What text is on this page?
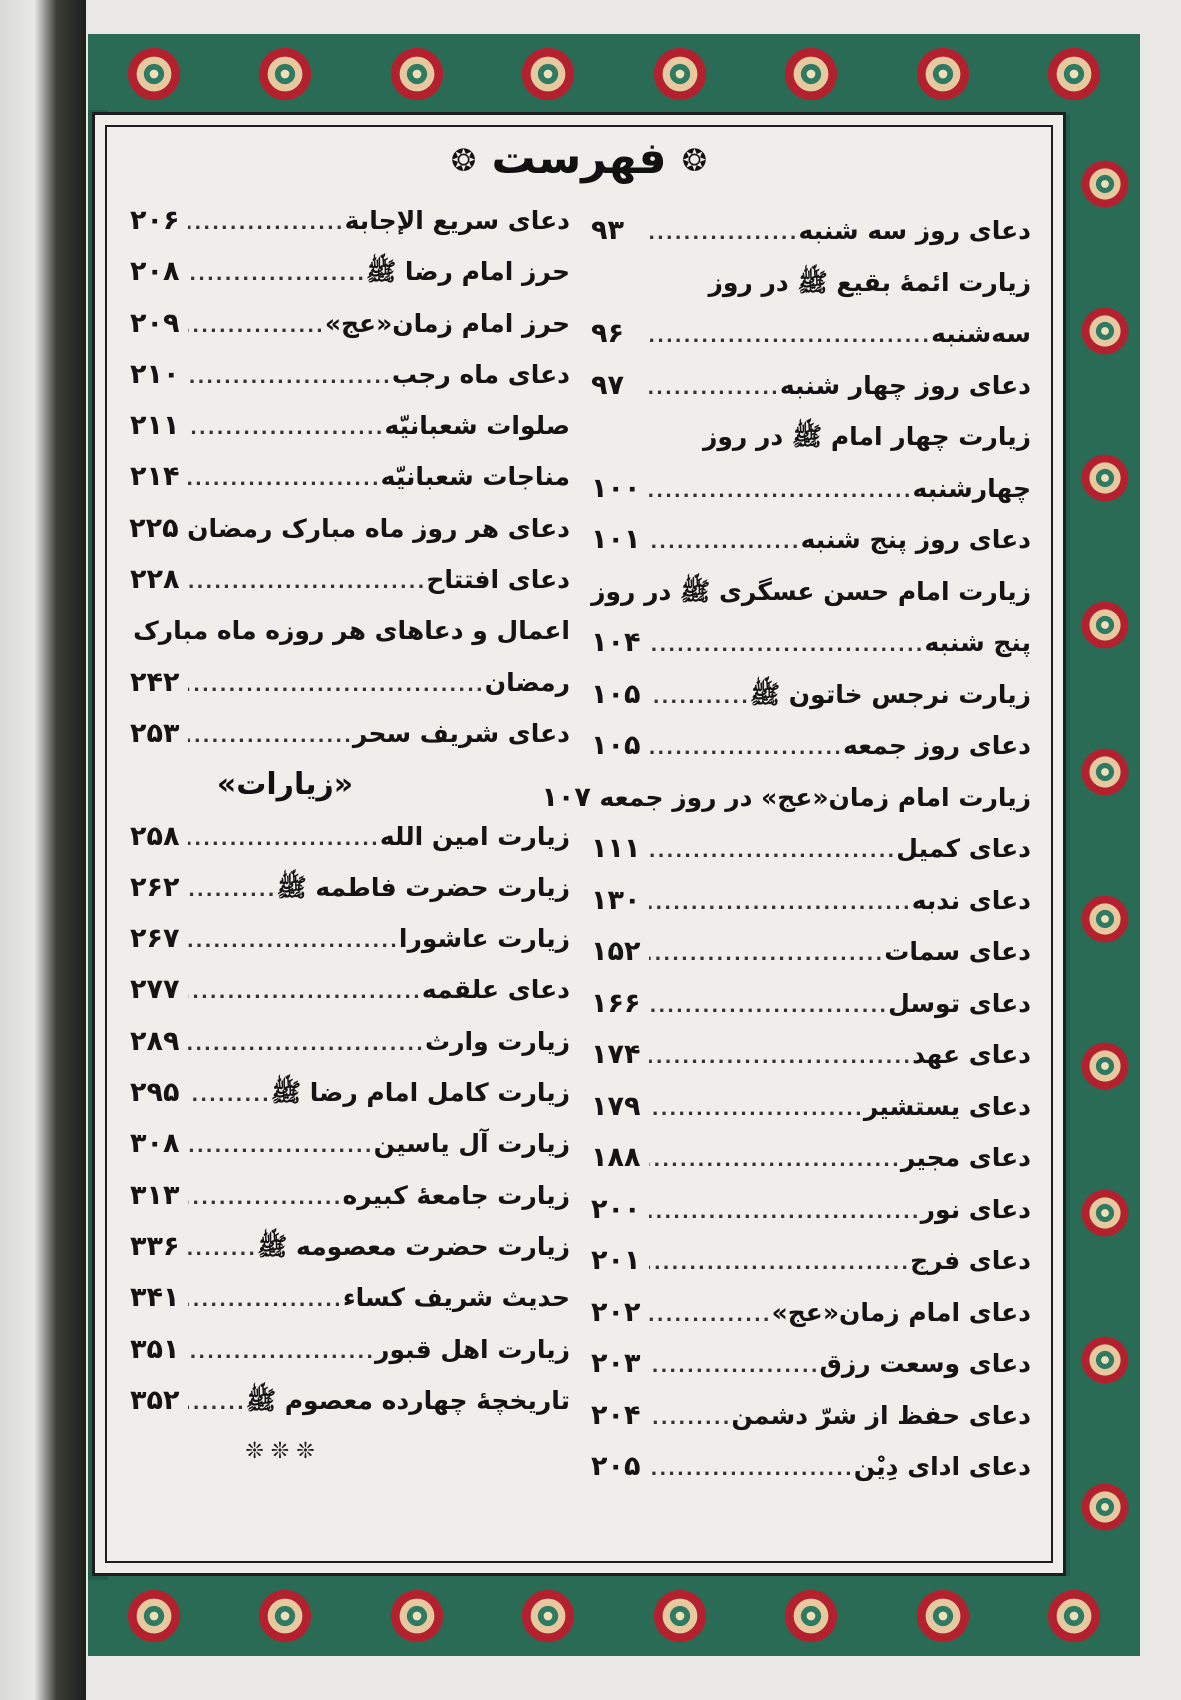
❂ فهرست ❂
دعای روز سه شنبه
.....
۹۳
زیارت ائمۀ بقیع ﷺ در روز
سه‌شنبه
.....
۹۶
دعای روز چهار شنبه
.....
۹۷
زیارت چهار امام ﷺ در روز
چهارشنبه
.....
۱۰۰
دعای روز پنج شنبه
.....
۱۰۱
زیارت امام حسن عسگری ﷺ در روز
پنج شنبه
.....
۱۰۴
زیارت نرجس خاتون ﷺ
.....
۱۰۵
دعای روز جمعه
.....
۱۰۵
زیارت امام زمان«عج» در روز جمعه
۱۰۷
دعای کمیل
.....
۱۱۱
دعای ندبه
.....
۱۳۰
دعای سمات
.....
۱۵۲
دعای توسل
.....
۱۶۶
دعای عهد
.....
۱۷۴
دعای یستشیر
.....
۱۷۹
دعای مجیر
.....
۱۸۸
دعای نور
.....
۲۰۰
دعای فرج
.....
۲۰۱
دعای امام زمان«عج»
.....
۲۰۲
دعای وسعت رزق
.....
۲۰۳
دعای حفظ از شرّ دشمن
.....
۲۰۴
دعای ادای دِیْن
.....
۲۰۵
دعای سریع الإجابة
.....
۲۰۶
حرز امام رضا ﷺ
.....
۲۰۸
حرز امام زمان«عج»
.....
۲۰۹
دعای ماه رجب
.....
۲۱۰
صلوات شعبانیّه
.....
۲۱۱
مناجات شعبانیّه
.....
۲۱۴
دعای هر روز ماه مبارک رمضان
۲۲۵
دعای افتتاح
.....
۲۲۸
اعمال و دعاهای هر روزه ماه مبارک
رمضان
.....
۲۴۲
دعای شریف سحر
.....
۲۵۳
«زیارات»
زیارت امین الله
.....
۲۵۸
زیارت حضرت فاطمه ﷺ
.....
۲۶۲
زیارت عاشورا
.....
۲۶۷
دعای علقمه
.....
۲۷۷
زیارت وارث
.....
۲۸۹
زیارت کامل امام رضا ﷺ
.....
۲۹۵
زیارت آل یاسین
.....
۳۰۸
زیارت جامعۀ کبیره
.....
۳۱۳
زیارت حضرت معصومه ﷺ
.....
۳۳۶
حدیث شریف کساء
.....
۳۴۱
زیارت اهل قبور
.....
۳۵۱
تاریخچۀ چهارده معصوم ﷺ
.....
۳۵۲
❊ ❊ ❊
